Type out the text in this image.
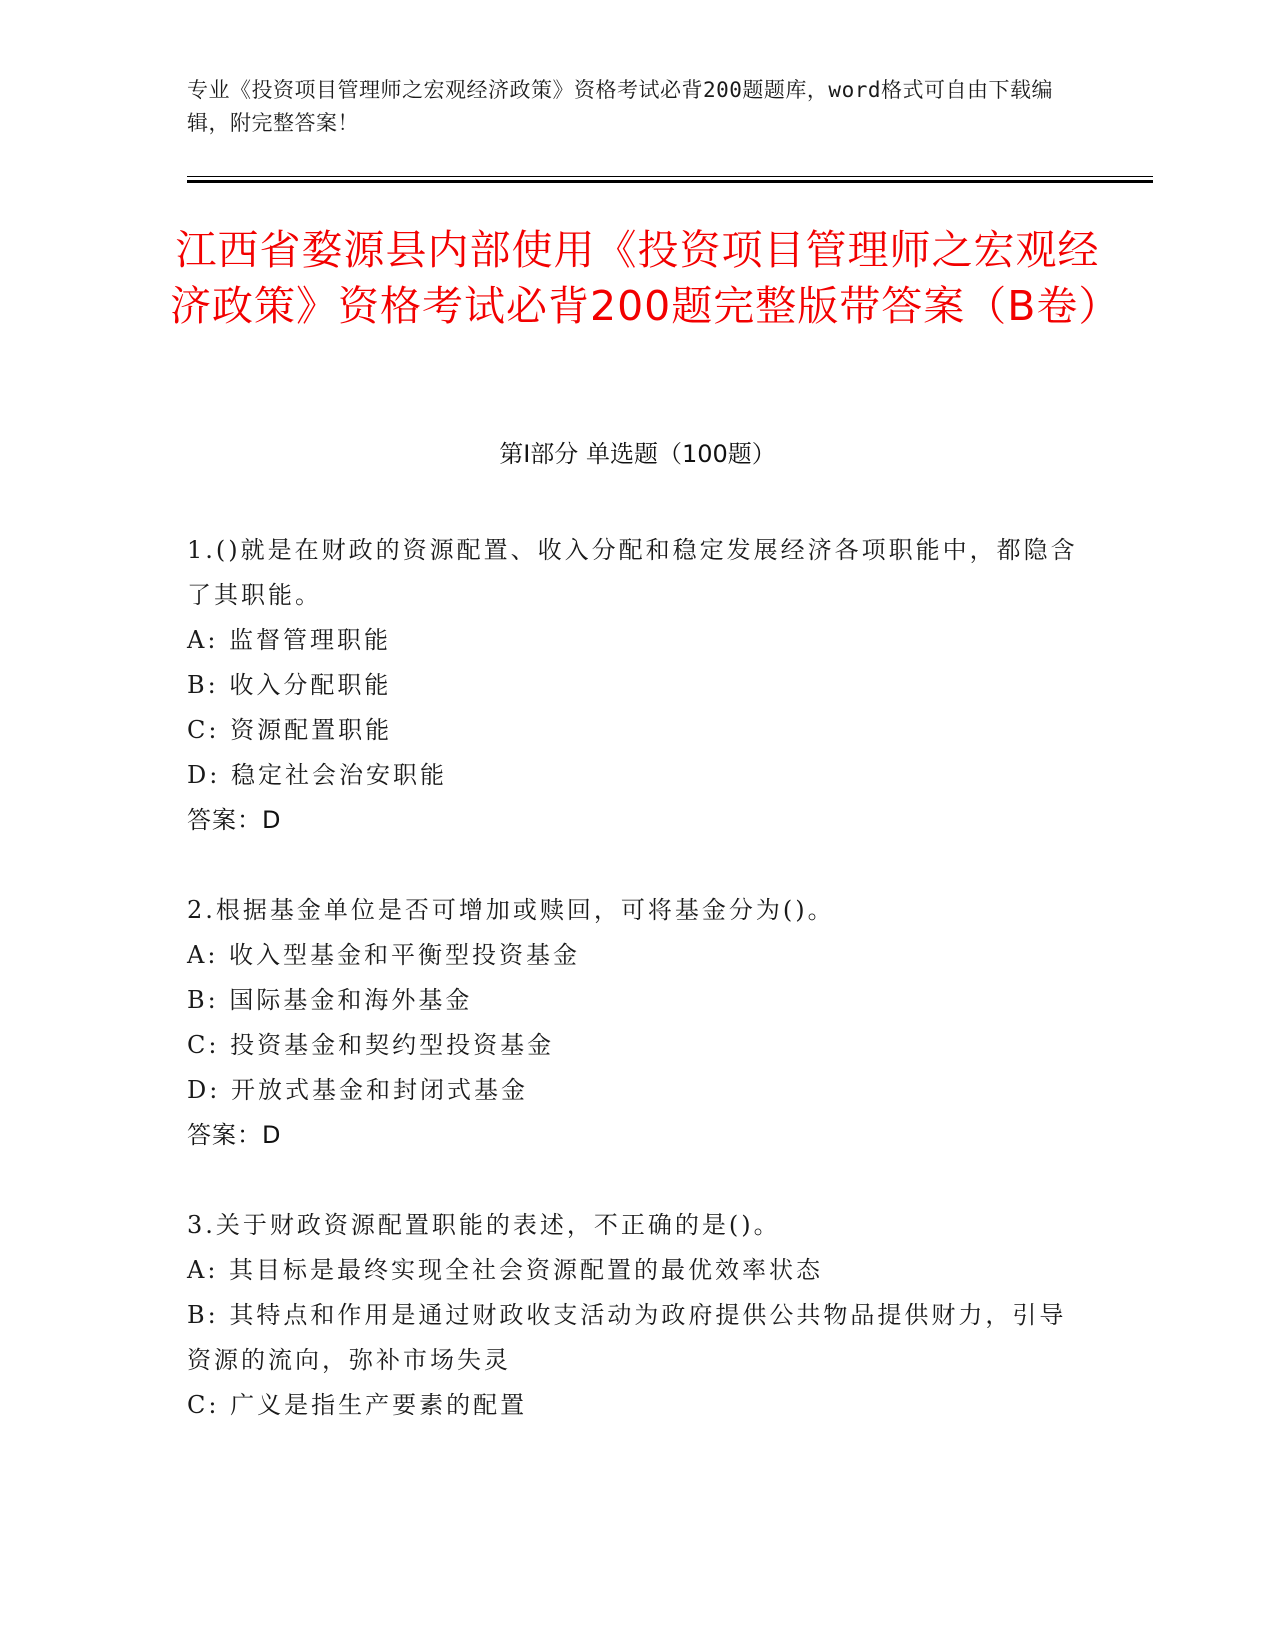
专业《投资项目管理师之宏观经济政策》资格考试必背200题题库，word格式可自由下载编辑，附完整答案！
江西省婺源县内部使用《投资项目管理师之宏观经济政策》资格考试必背200题完整版带答案（B卷）
第Ⅰ部分 单选题（100题）
1.()就是在财政的资源配置、收入分配和稳定发展经济各项职能中，都隐含了其职能。
A: 监督管理职能
B: 收入分配职能
C: 资源配置职能
D: 稳定社会治安职能
答案：D
2.根据基金单位是否可增加或赎回，可将基金分为()。
A: 收入型基金和平衡型投资基金
B: 国际基金和海外基金
C: 投资基金和契约型投资基金
D: 开放式基金和封闭式基金
答案：D
3.关于财政资源配置职能的表述，不正确的是()。
A: 其目标是最终实现全社会资源配置的最优效率状态
B: 其特点和作用是通过财政收支活动为政府提供公共物品提供财力，引导资源的流向，弥补市场失灵
C: 广义是指生产要素的配置
